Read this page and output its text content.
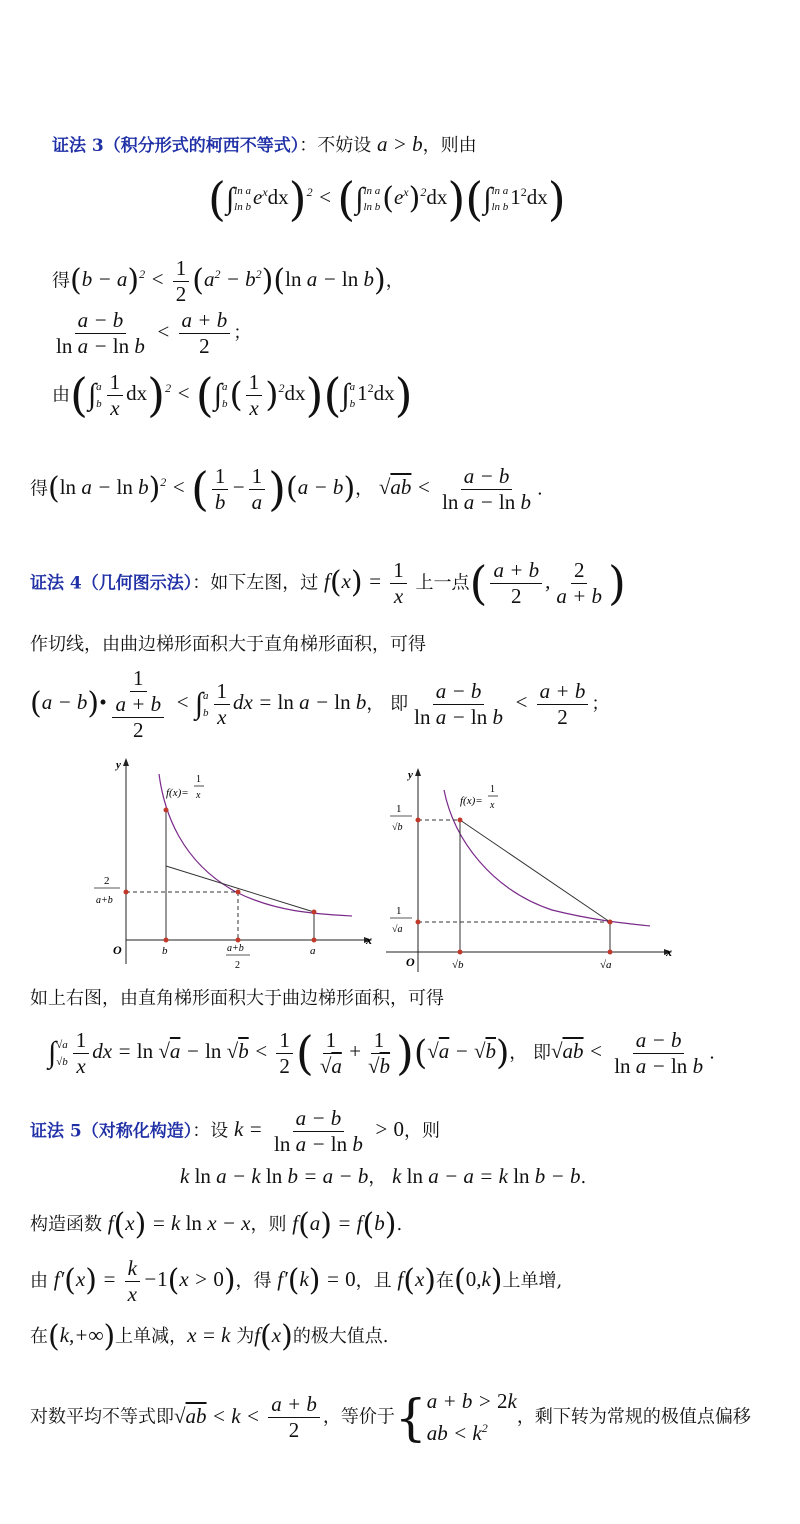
证法 3（积分形式的柯西不等式）：不妨设 a > b，则由
(∫ ln a
ln b $e^xdx)^2$ < (∫ ln a
ln b $(e^x)^2dx)(\int$ ln a
ln b $1^2dx$)
得$(b - a)^2 < \frac{1}{2} (a^2 - b^2)(\ln$ a − ln b)，
$\frac{a - b}{\text{ln a − ln b}} < \frac{a + b}{2}$ ；
由(∫ a
b $\frac{1}{x} dx)^2$ < (∫ a
b ( $\frac{1}{x} )^2dx)(\int$ a
b $1^2dx$)
得(ln a − ln b)$^2$ < ( $\frac{1}{b} - \frac{1}{a} )(a - b)$， $√ab < \frac{a - b}{\text{ln a − ln b}}$ .
证法 4（几何图示法）：如下左图，过 $f(x) = \frac{1}{x}$ 上一点( $\frac{a + b}{2}$ , $\frac{2}{a + b}$ )
作切线，由曲边梯形面积大于直角梯形面积，可得
(a − b)• $\frac{1}{\frac{a + b}{2}}$ < ∫ a
b $\frac{1}{x}$ dx = ln a − ln b， 即 $\frac{a - b}{\text{ln a − ln b}} < \frac{a + b}{2}$ ；
y
x
O
f(x)=
1
x
2
a+b
b	a+b
2
a
y
x
O
f(x)=
1
x
1
√b
1
√a
√b	√a
如上右图，由直角梯形面积大于曲边梯形面积，可得
∫ √a
$√b \frac{1}{x}$ dx = $\ln √a - \ln √b < \frac{1}{2}$ ( $\frac{1}{√a} + \frac{1}{√b} )(√a - √b)$， 即$√ab < \frac{a - b}{\text{ln a − ln b}}$ .
证法 5（对称化构造）：设 $k = \frac{a - b}{\text{ln a − ln b}} > 0$，则
k ln a − k ln b = a − b， k ln a − a = k ln b − b.
构造函数 f(x) = k ln x − x，则 f(a) = f(b).
由 $f'(x) = \frac{k}{x} -1(x > 0)$，得 f′(k) = 0，且 f(x)在(0,k)上单增,
在(k,+∞)上单减，x = k 为f(x)的极大值点.
对数平均不等式即$√ab < k < \frac{a + b}{2}$ ，等价于 { a + b > 2k
ab < $k^2$	，剩下转为常规的极值点偏移
